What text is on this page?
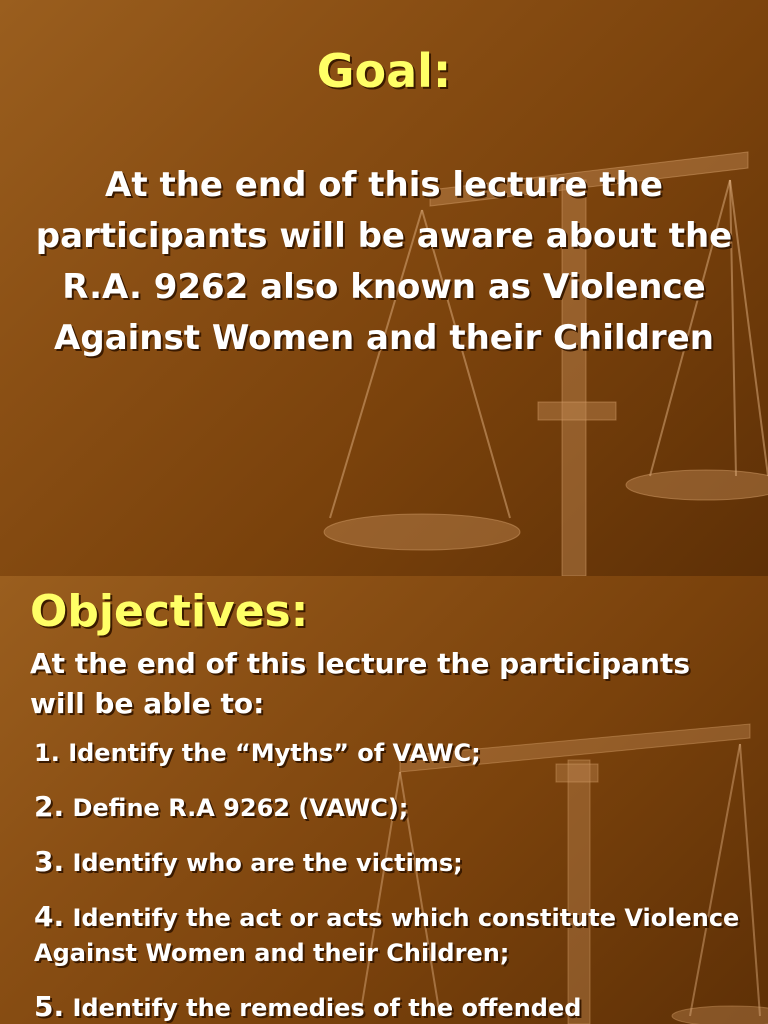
Goal:
At the end of this lecture the participants will be aware about the R.A. 9262 also known as Violence Against Women and their Children
Objectives:
At the end of this lecture the participants will be able to:
1. Identify the “Myths” of VAWC;
2. Define R.A 9262 (VAWC);
3. Identify who are the victims;
4. Identify the act or acts which constitute Violence Against Women and their Children;
5. Identify the remedies of the offended
